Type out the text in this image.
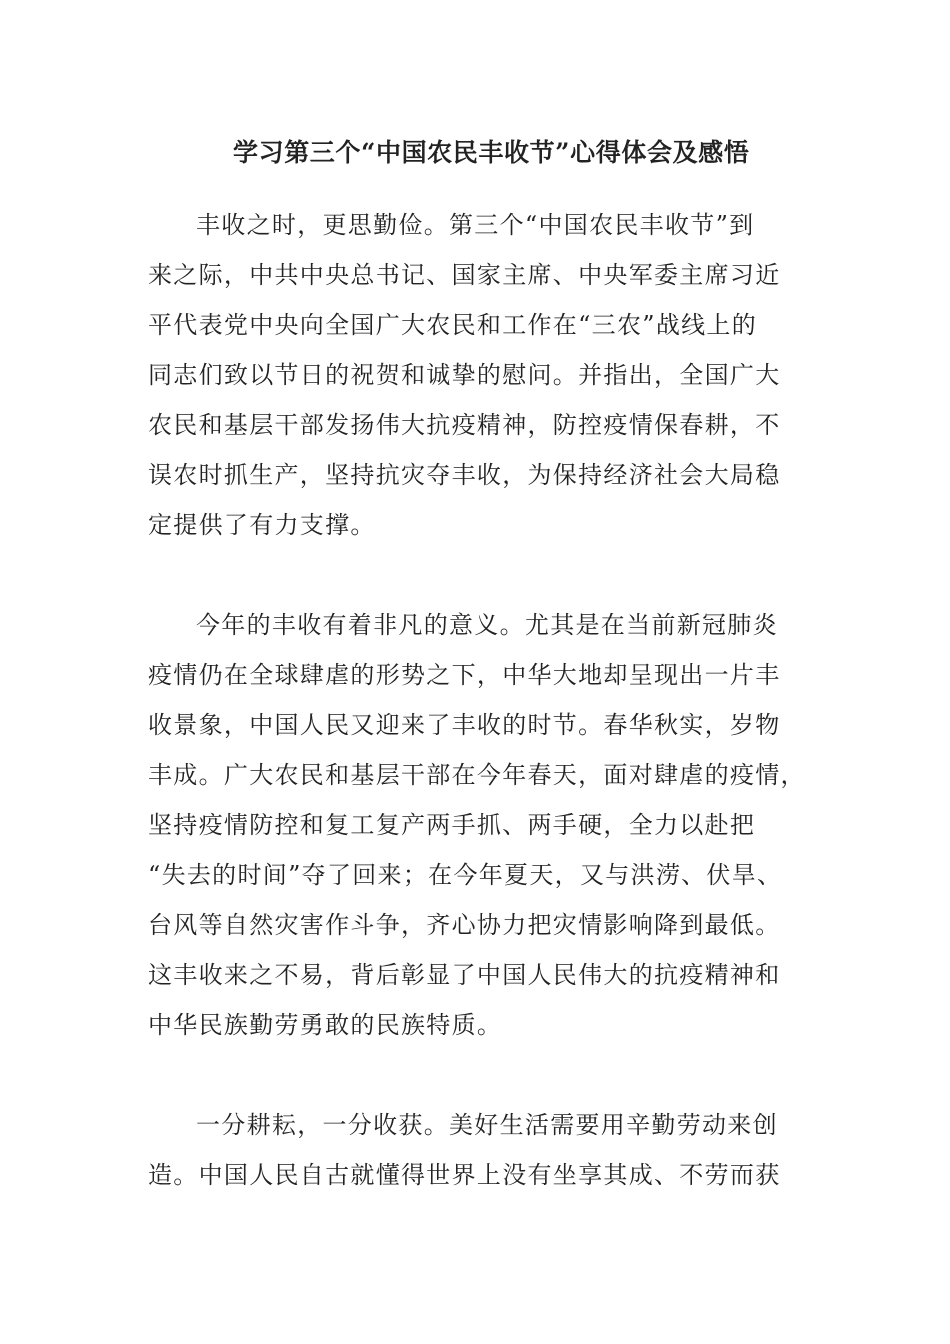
学习第三个“中国农民丰收节”心得体会及感悟
丰收之时，更思勤俭。第三个“中国农民丰收节”到
来之际，中共中央总书记、国家主席、中央军委主席习近
平代表党中央向全国广大农民和工作在“三农”战线上的
同志们致以节日的祝贺和诚挚的慰问。并指出，全国广大
农民和基层干部发扬伟大抗疫精神，防控疫情保春耕，不
误农时抓生产，坚持抗灾夺丰收，为保持经济社会大局稳
定提供了有力支撑。
今年的丰收有着非凡的意义。尤其是在当前新冠肺炎
疫情仍在全球肆虐的形势之下，中华大地却呈现出一片丰
收景象，中国人民又迎来了丰收的时节。春华秋实，岁物
丰成。广大农民和基层干部在今年春天，面对肆虐的疫情，
坚持疫情防控和复工复产两手抓、两手硬，全力以赴把
“失去的时间”夺了回来；在今年夏天，又与洪涝、伏旱、
台风等自然灾害作斗争，齐心协力把灾情影响降到最低。
这丰收来之不易，背后彰显了中国人民伟大的抗疫精神和
中华民族勤劳勇敢的民族特质。
一分耕耘，一分收获。美好生活需要用辛勤劳动来创
造。中国人民自古就懂得世界上没有坐享其成、不劳而获
